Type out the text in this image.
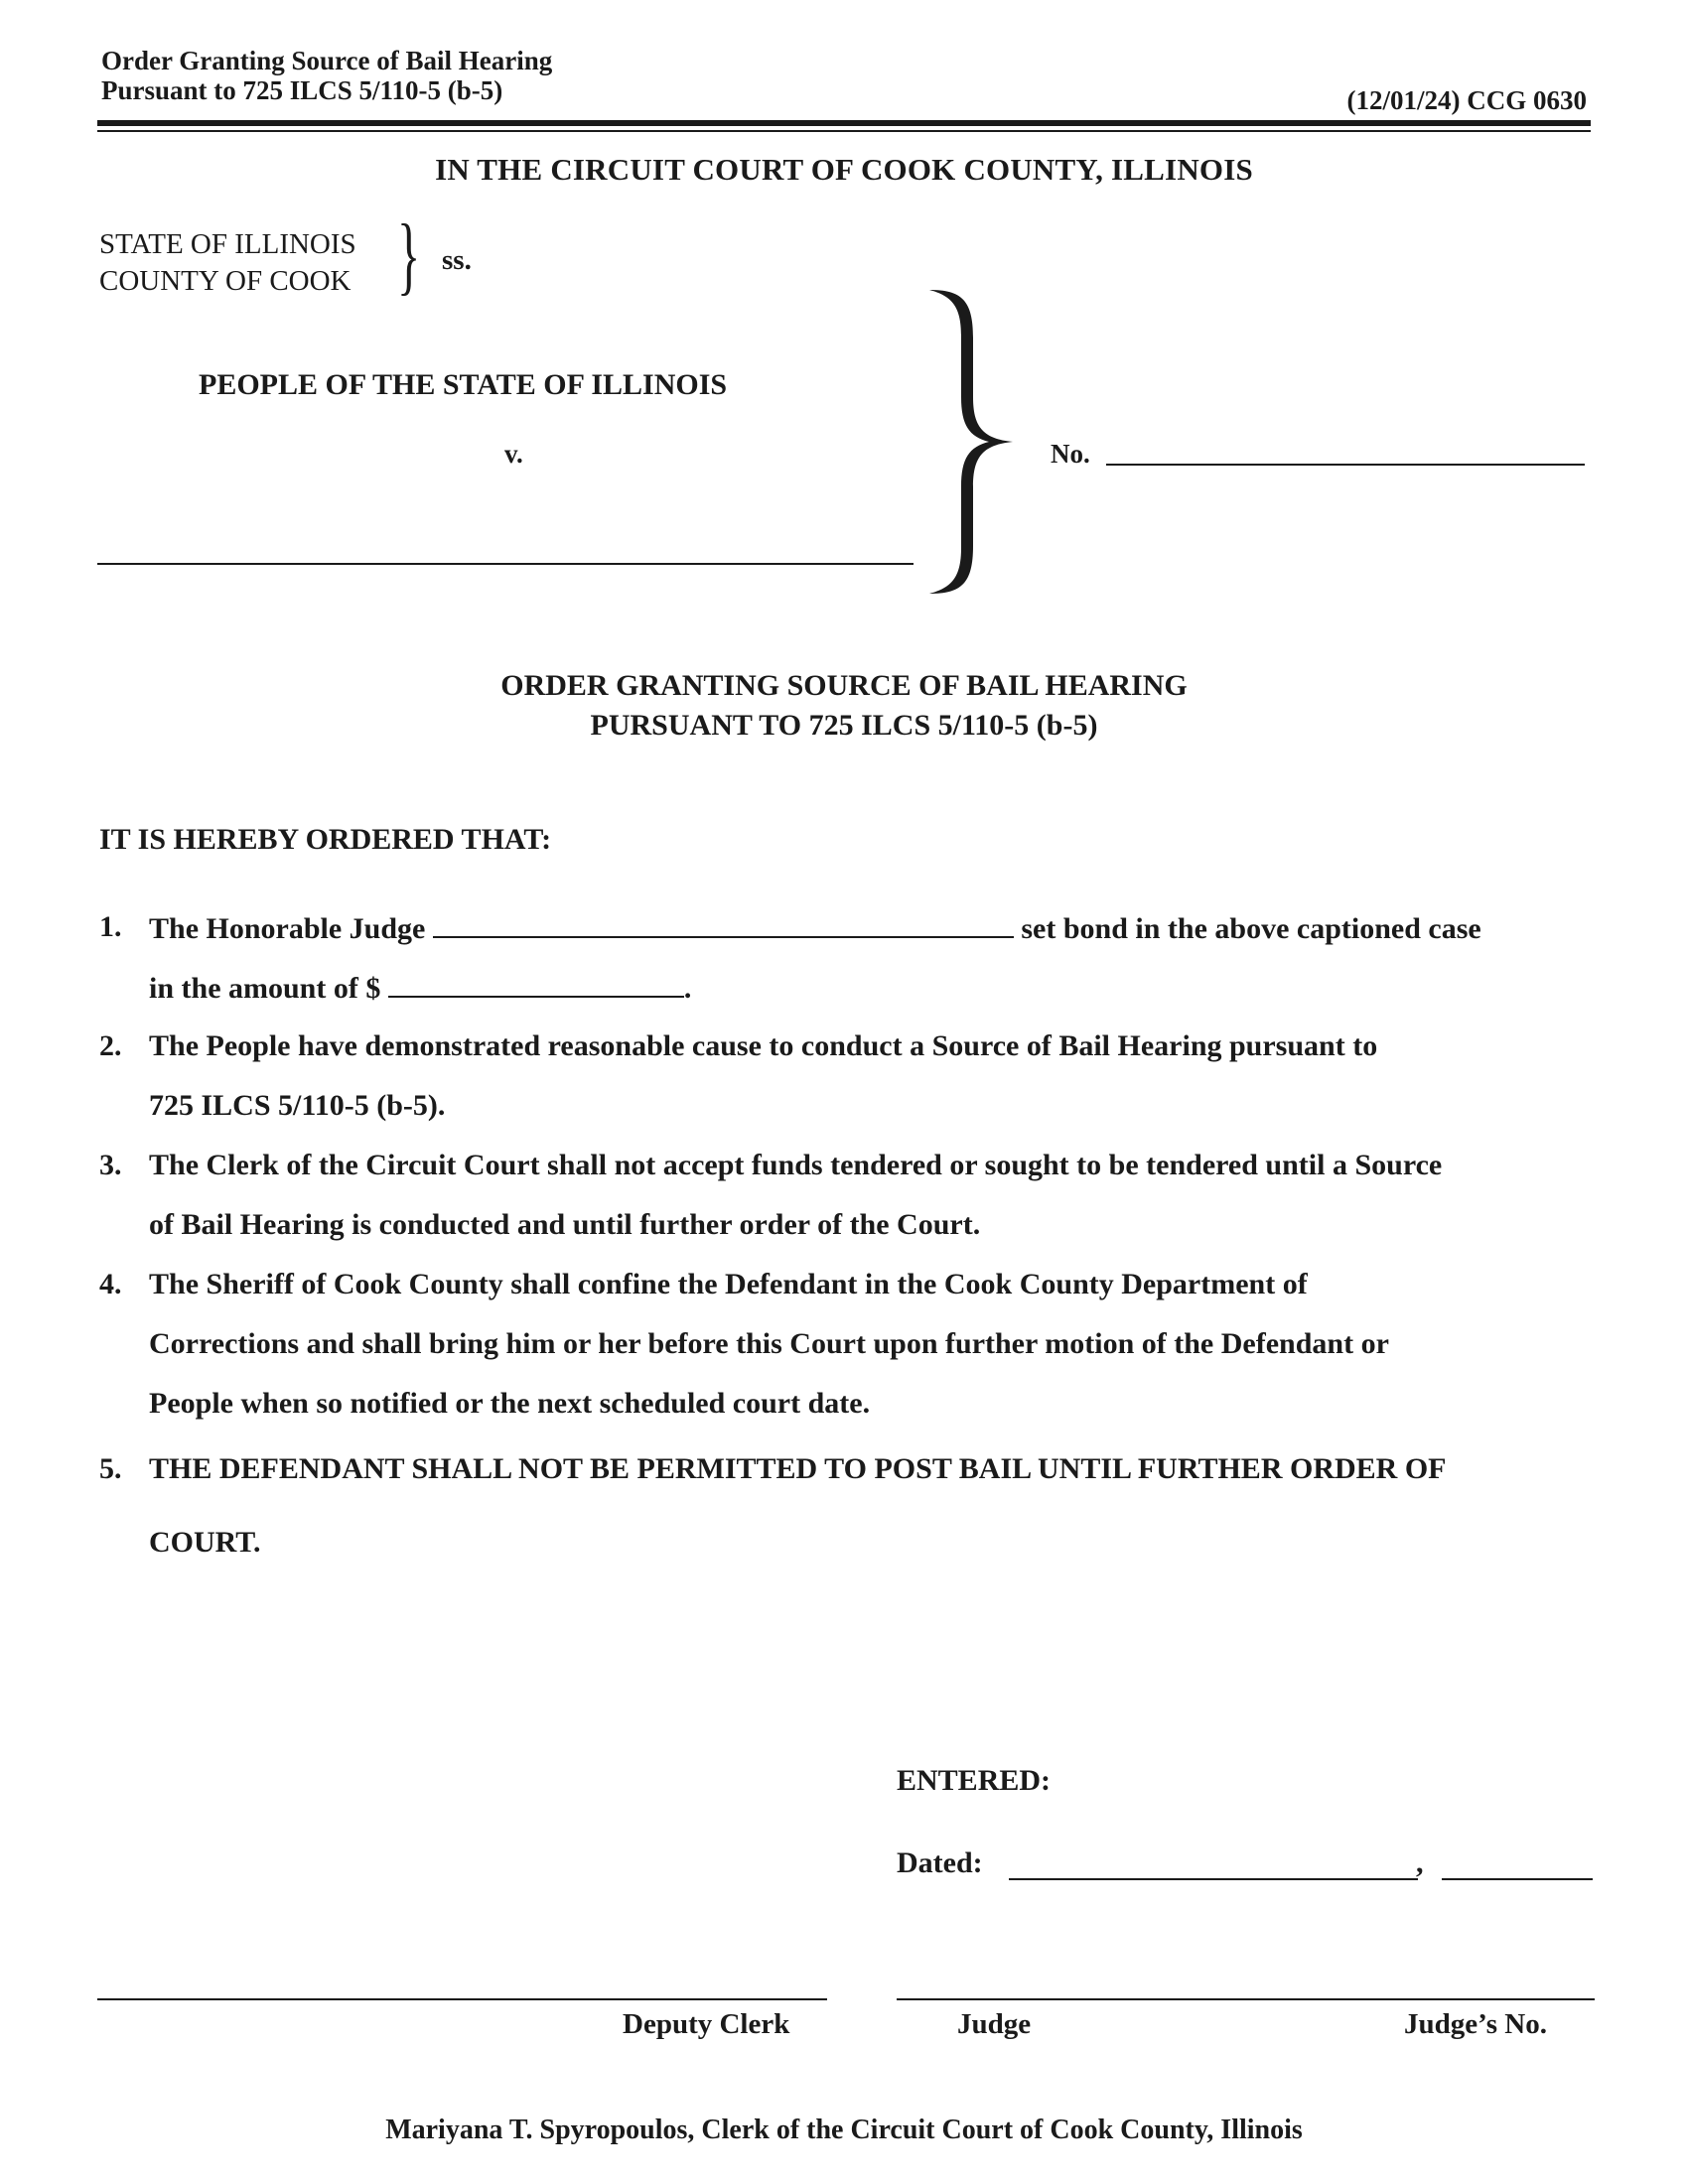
Order Granting Source of Bail Hearing
Pursuant to 725 ILCS 5/110-5 (b-5)	(12/01/24) CCG 0630
IN THE CIRCUIT COURT OF COOK COUNTY, ILLINOIS
STATE OF ILLINOIS
COUNTY OF COOK } ss.
PEOPLE OF THE STATE OF ILLINOIS
v.	No.
ORDER GRANTING SOURCE OF BAIL HEARING
PURSUANT TO 725 ILCS 5/110-5 (b-5)
IT IS HEREBY ORDERED THAT:
1. The Honorable Judge	set bond in the above captioned case
in the amount of $	.
2. The People have demonstrated reasonable cause to conduct a Source of Bail Hearing pursuant to
725 ILCS 5/110-5 (b-5).
3. The Clerk of the Circuit Court shall not accept funds tendered or sought to be tendered until a Source
of Bail Hearing is conducted and until further order of the Court.
4. The Sheriff of Cook County shall confine the Defendant in the Cook County Department of
Corrections and shall bring him or her before this Court upon further motion of the Defendant or
People when so notified or the next scheduled court date.
5. THE DEFENDANT SHALL NOT BE PERMITTED TO POST BAIL UNTIL FURTHER ORDER OF
COURT.
ENTERED:
Dated:	,
Deputy Clerk	Judge	Judge’s No.
Mariyana T. Spyropoulos, Clerk of the Circuit Court of Cook County, Illinois
